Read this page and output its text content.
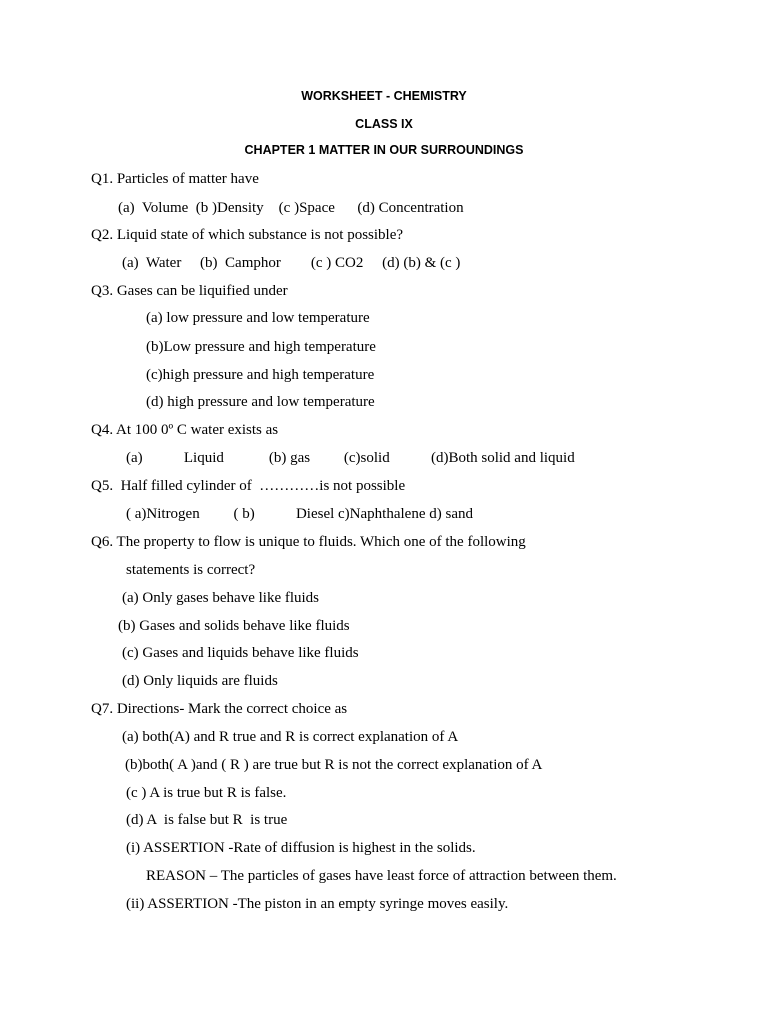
WORKSHEET - CHEMISTRY
CLASS IX
CHAPTER 1 MATTER IN OUR SURROUNDINGS
Q1. Particles of matter have
(a)  Volume  (b )Density    (c )Space      (d) Concentration
Q2. Liquid state of which substance is not possible?
(a)  Water     (b)  Camphor        (c ) CO2     (d) (b) & (c )
Q3. Gases can be liquified under
(a) low pressure and low temperature
(b)Low pressure and high temperature
(c)high pressure and high temperature
(d) high pressure and low temperature
Q4. At 100 0º C water exists as
(a)           Liquid            (b) gas         (c)solid           (d)Both solid and liquid
Q5.  Half filled cylinder of  …………is not possible
( a)Nitrogen         ( b)           Diesel c)Naphthalene d) sand
Q6. The property to flow is unique to fluids. Which one of the following
statements is correct?
(a) Only gases behave like fluids
(b) Gases and solids behave like fluids
(c) Gases and liquids behave like fluids
(d) Only liquids are fluids
Q7. Directions- Mark the correct choice as
(a) both(A) and R true and R is correct explanation of A
(b)both( A )and ( R ) are true but R is not the correct explanation of A
(c ) A is true but R is false.
(d) A  is false but R  is true
(i) ASSERTION -Rate of diffusion is highest in the solids.
REASON – The particles of gases have least force of attraction between them.
(ii) ASSERTION -The piston in an empty syringe moves easily.
